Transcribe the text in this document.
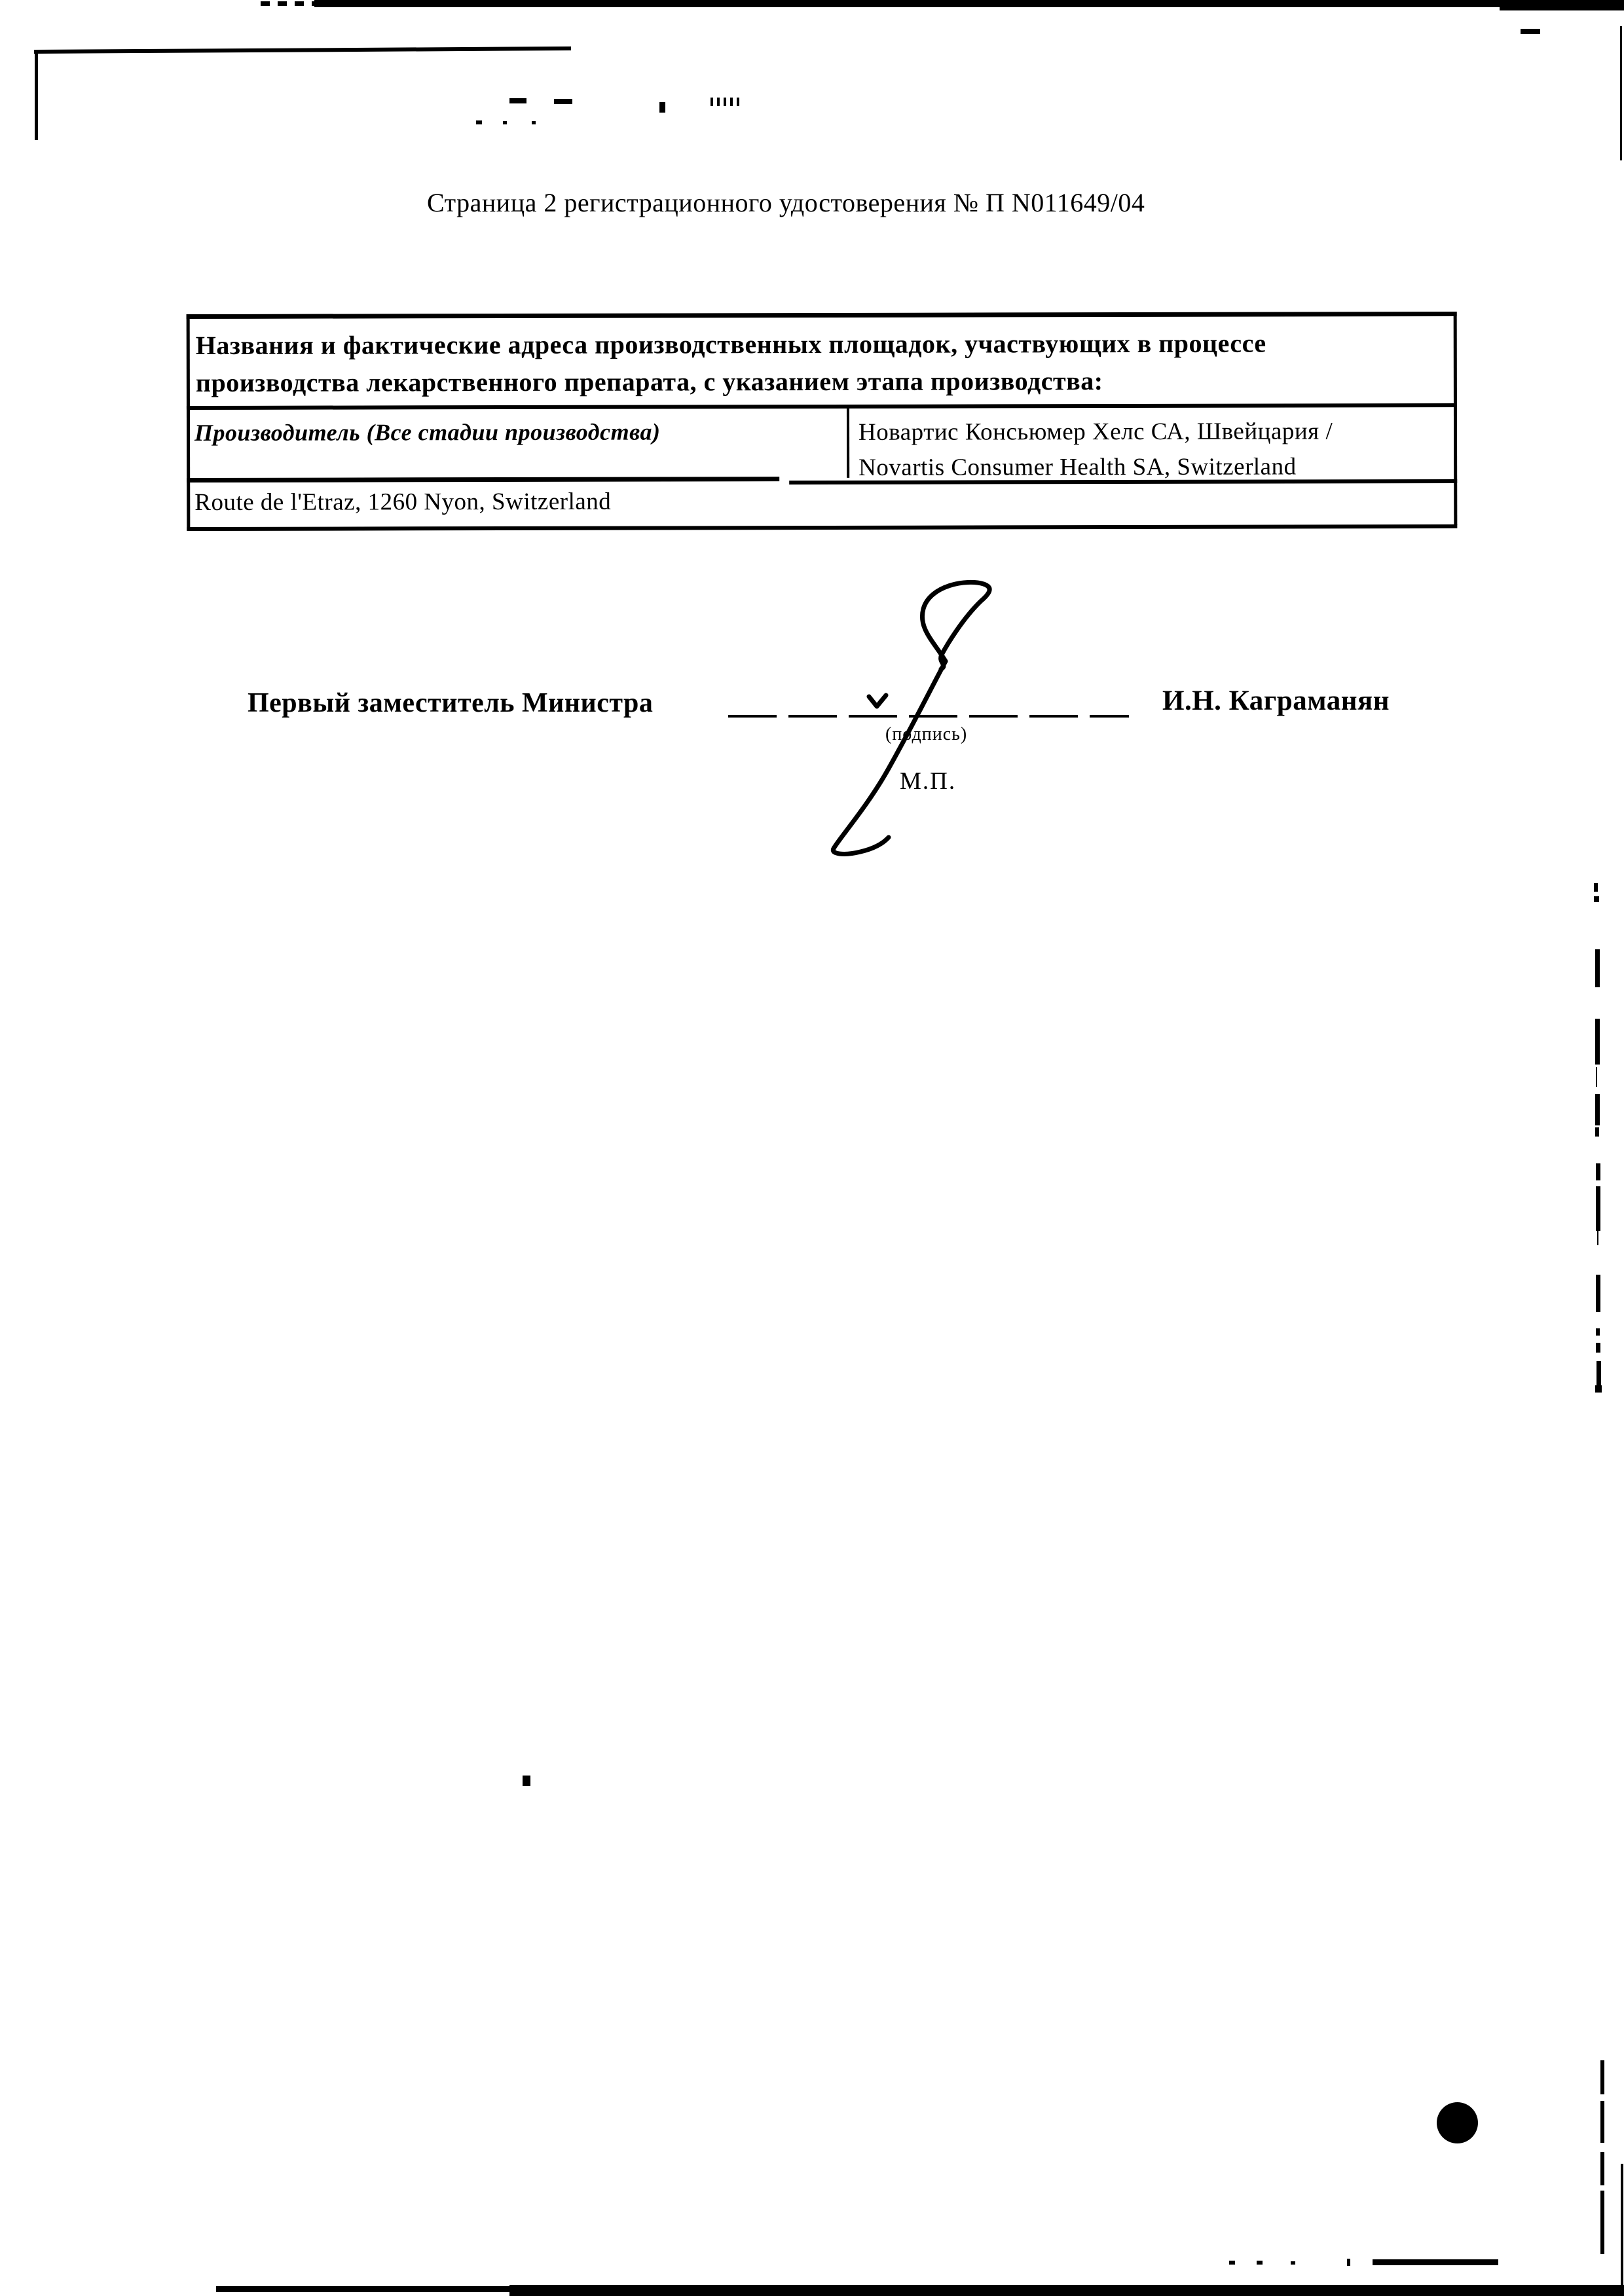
Страница 2 регистрационного удостоверения № П N011649/04
Названия и фактические адреса производственных площадок, участвующих в процессе производства лекарственного препарата, с указанием этапа производства:
Производитель (Все стадии производства)	Новартис Консьюмер Хелс СА, Швейцария /
Novartis Consumer Health SA, Switzerland
Route de l'Etraz, 1260 Nyon, Switzerland
Первый заместитель Министра	И.Н. Каграманян
(подпись)
М.П.
